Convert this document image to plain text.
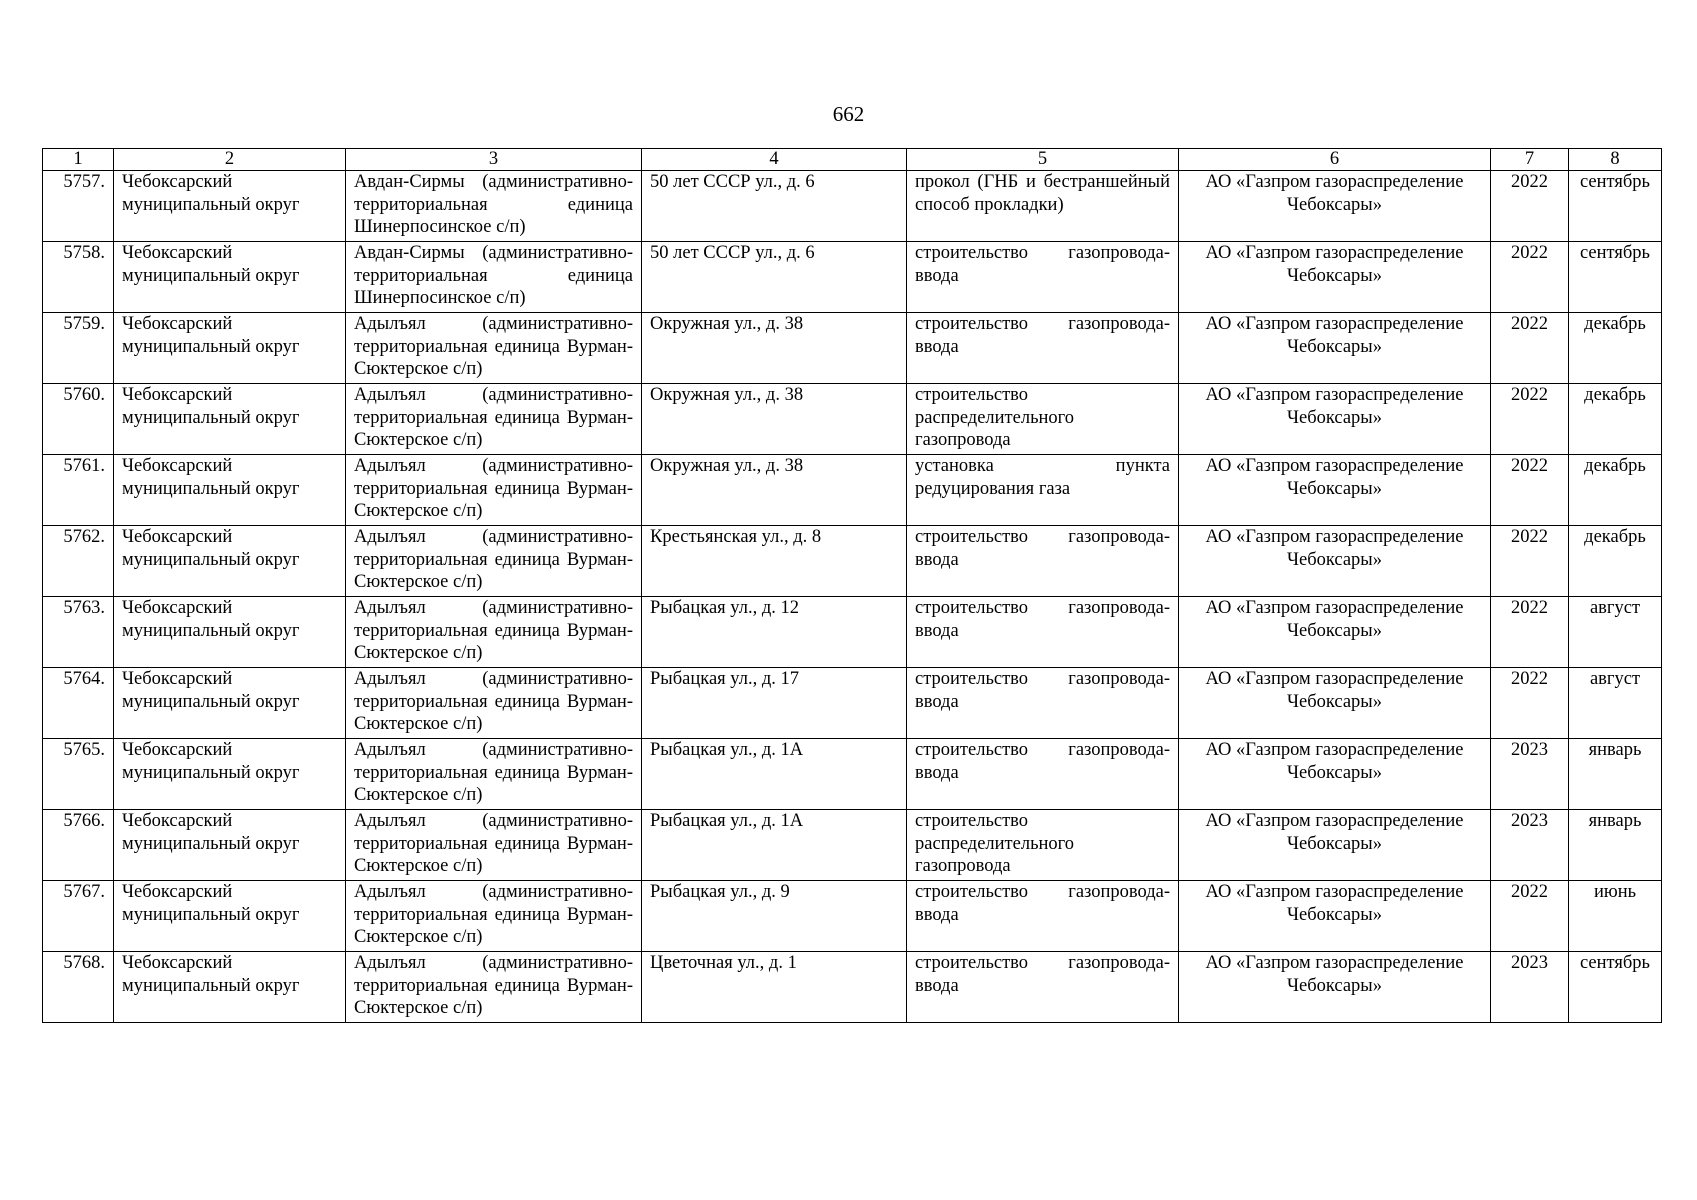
662
1	2	3	4	5	6	7	8
5757.	Чебоксарский муниципальный округ	Авдан-Сирмы (административно-территориальная единица Шинерпосинское с/п)	50 лет СССР ул., д. 6	прокол (ГНБ и бестраншейный способ прокладки)	АО «Газпром газораспределение Чебоксары»	2022	сентябрь
5758.	Чебоксарский муниципальный округ	Авдан-Сирмы (административно-территориальная единица Шинерпосинское с/п)	50 лет СССР ул., д. 6	строительство газопровода-ввода	АО «Газпром газораспределение Чебоксары»	2022	сентябрь
5759.	Чебоксарский муниципальный округ	Адылъял (административно-территориальная единица Вурман-Сюктерское с/п)	Окружная ул., д. 38	строительство газопровода-ввода	АО «Газпром газораспределение Чебоксары»	2022	декабрь
5760.	Чебоксарский муниципальный округ	Адылъял (административно-территориальная единица Вурман-Сюктерское с/п)	Окружная ул., д. 38	строительство распределительного газопровода	АО «Газпром газораспределение Чебоксары»	2022	декабрь
5761.	Чебоксарский муниципальный округ	Адылъял (административно-территориальная единица Вурман-Сюктерское с/п)	Окружная ул., д. 38	установка пункта редуцирования газа	АО «Газпром газораспределение Чебоксары»	2022	декабрь
5762.	Чебоксарский муниципальный округ	Адылъял (административно-территориальная единица Вурман-Сюктерское с/п)	Крестьянская ул., д. 8	строительство газопровода-ввода	АО «Газпром газораспределение Чебоксары»	2022	декабрь
5763.	Чебоксарский муниципальный округ	Адылъял (административно-территориальная единица Вурман-Сюктерское с/п)	Рыбацкая ул., д. 12	строительство газопровода-ввода	АО «Газпром газораспределение Чебоксары»	2022	август
5764.	Чебоксарский муниципальный округ	Адылъял (административно-территориальная единица Вурман-Сюктерское с/п)	Рыбацкая ул., д. 17	строительство газопровода-ввода	АО «Газпром газораспределение Чебоксары»	2022	август
5765.	Чебоксарский муниципальный округ	Адылъял (административно-территориальная единица Вурман-Сюктерское с/п)	Рыбацкая ул., д. 1А	строительство газопровода-ввода	АО «Газпром газораспределение Чебоксары»	2023	январь
5766.	Чебоксарский муниципальный округ	Адылъял (административно-территориальная единица Вурман-Сюктерское с/п)	Рыбацкая ул., д. 1А	строительство распределительного газопровода	АО «Газпром газораспределение Чебоксары»	2023	январь
5767.	Чебоксарский муниципальный округ	Адылъял (административно-территориальная единица Вурман-Сюктерское с/п)	Рыбацкая ул., д. 9	строительство газопровода-ввода	АО «Газпром газораспределение Чебоксары»	2022	июнь
5768.	Чебоксарский муниципальный округ	Адылъял (административно-территориальная единица Вурман-Сюктерское с/п)	Цветочная ул., д. 1	строительство газопровода-ввода	АО «Газпром газораспределение Чебоксары»	2023	сентябрь
